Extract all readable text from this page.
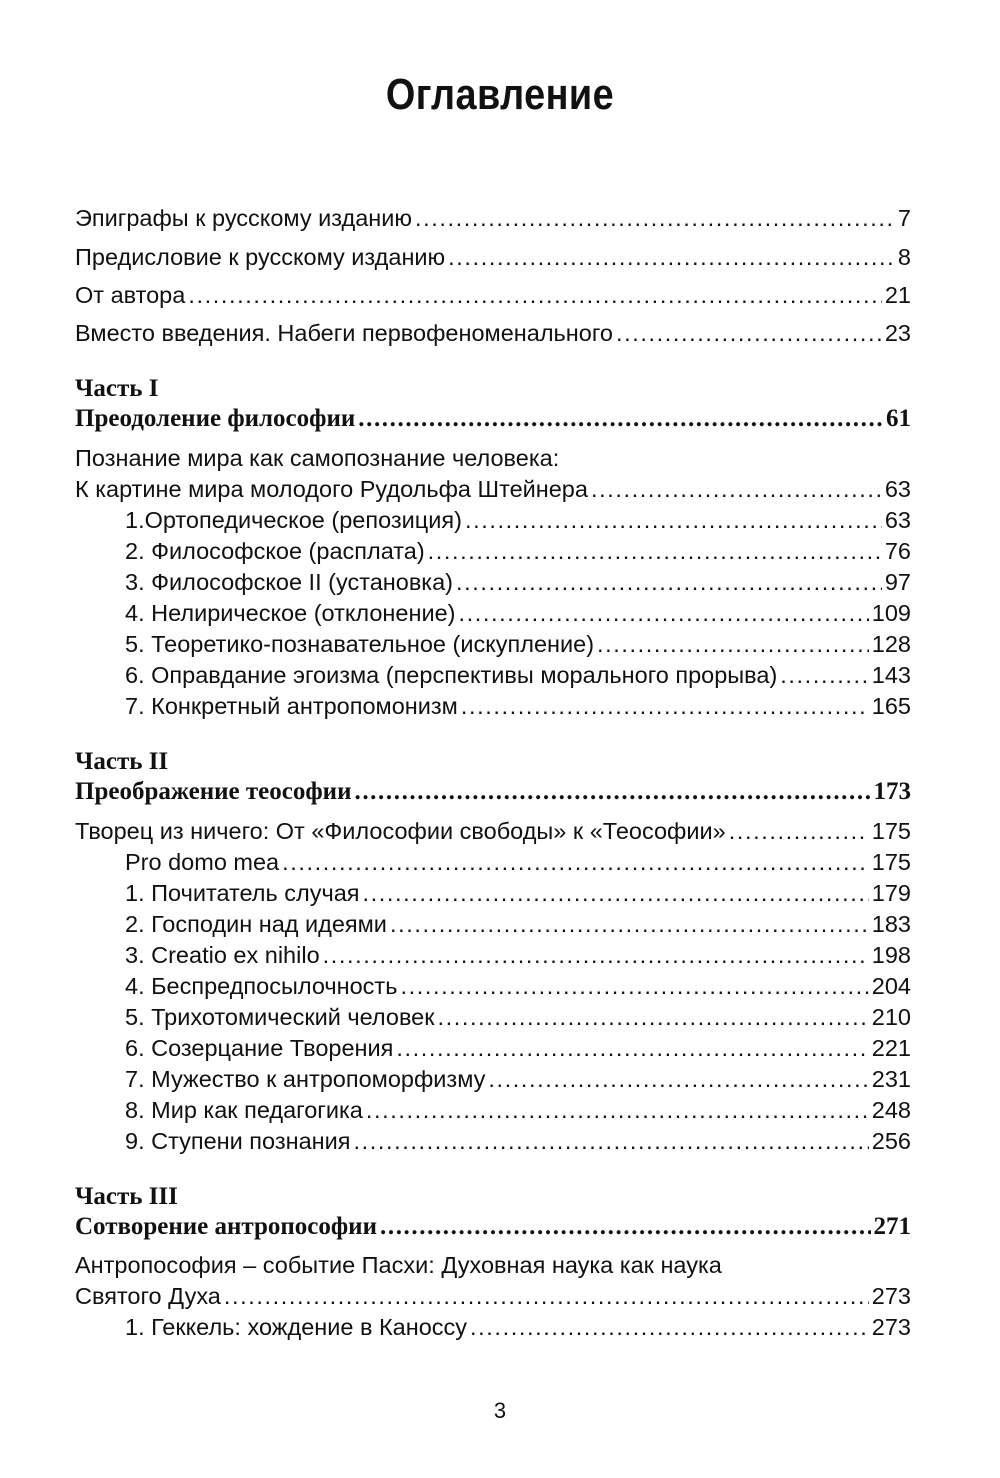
Оглавление
Эпиграфы к русскому изданию .....	7
Предисловие к русскому изданию .....	8
От автора .....	21
Вместо введения. Набеги первофеноменального .....	23
Часть I
Преодоление философии .....	61
Познание мира как самопознание человека:
К картине мира молодого Рудольфа Штейнера .....	63
1.Ортопедическое (репозиция) .....	63
2. Философское (расплата) .....	76
3. Философское II (установка) .....	97
4. Нелирическое (отклонение) .....	109
5. Теоретико-познавательное (искупление) .....	128
6. Оправдание эгоизма (перспективы морального прорыва) .....	143
7. Конкретный антропомонизм .....	165
Часть II
Преображение теософии .....	173
Творец из ничего: От «Философии свободы» к «Теософии» .....	175
Pro domo mea .....	175
1. Почитатель случая .....	179
2. Господин над идеями .....	183
3. Creatio ex nihilo .....	198
4. Беспредпосылочность .....	204
5. Трихотомический человек .....	210
6. Созерцание Творения .....	221
7. Мужество к антропоморфизму .....	231
8. Мир как педагогика .....	248
9. Ступени познания .....	256
Часть III
Сотворение антропософии .....	271
Антропософия – событие Пасхи: Духовная наука как наука
Святого Духа .....	273
1. Геккель: хождение в Каноссу .....	273
3
